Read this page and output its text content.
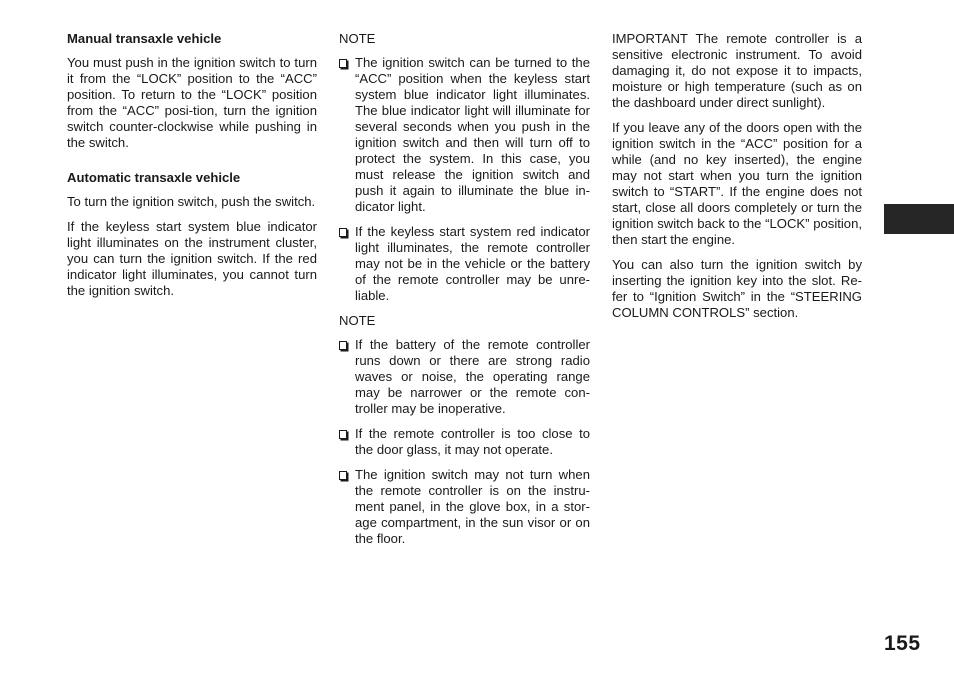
Manual transaxle vehicle

You must push in the ignition switch to turn it from the “LOCK” position to the “ACC” position. To return to the “LOCK” position from the “ACC” posi-tion, turn the ignition switch counter-clockwise while pushing in the switch.

Automatic transaxle vehicle

To turn the ignition switch, push the switch.

If the keyless start system blue indicator light illuminates on the instrument cluster, you can turn the ignition switch. If the red indicator light illuminates, you cannot turn the ignition switch.

NOTE
The ignition switch can be turned to the “ACC” position when the keyless start system blue indicator light illuminates. The blue indicator light will illuminate for several seconds when you push in the ignition switch and then will turn off to protect the system. In this case, you must release the ignition switch and push it again to illuminate the blue in-dicator light.
If the keyless start system red indicator light illuminates, the remote controller may not be in the vehicle or the battery of the remote controller may be unre-liable.
NOTE
If the battery of the remote controller runs down or there are strong radio waves or noise, the operating range may be narrower or the remote con-troller may be inoperative.
If the remote controller is too close to the door glass, it may not operate.
The ignition switch may not turn when the remote controller is on the instru-ment panel, in the glove box, in a stor-age compartment, in the sun visor or on the floor.

IMPORTANT The remote controller is a sensitive electronic instrument. To avoid damaging it, do not expose it to impacts, moisture or high temperature (such as on the dashboard under direct sunlight).

If you leave any of the doors open with the ignition switch in the “ACC” position for a while (and no key inserted), the engine may not start when you turn the ignition switch to “START”. If the engine does not start, close all doors completely or turn the ignition switch back to the “LOCK” position, then start the engine.

You can also turn the ignition switch by inserting the ignition key into the slot. Re-fer to “Ignition Switch” in the “STEERING COLUMN CONTROLS” section.

155
